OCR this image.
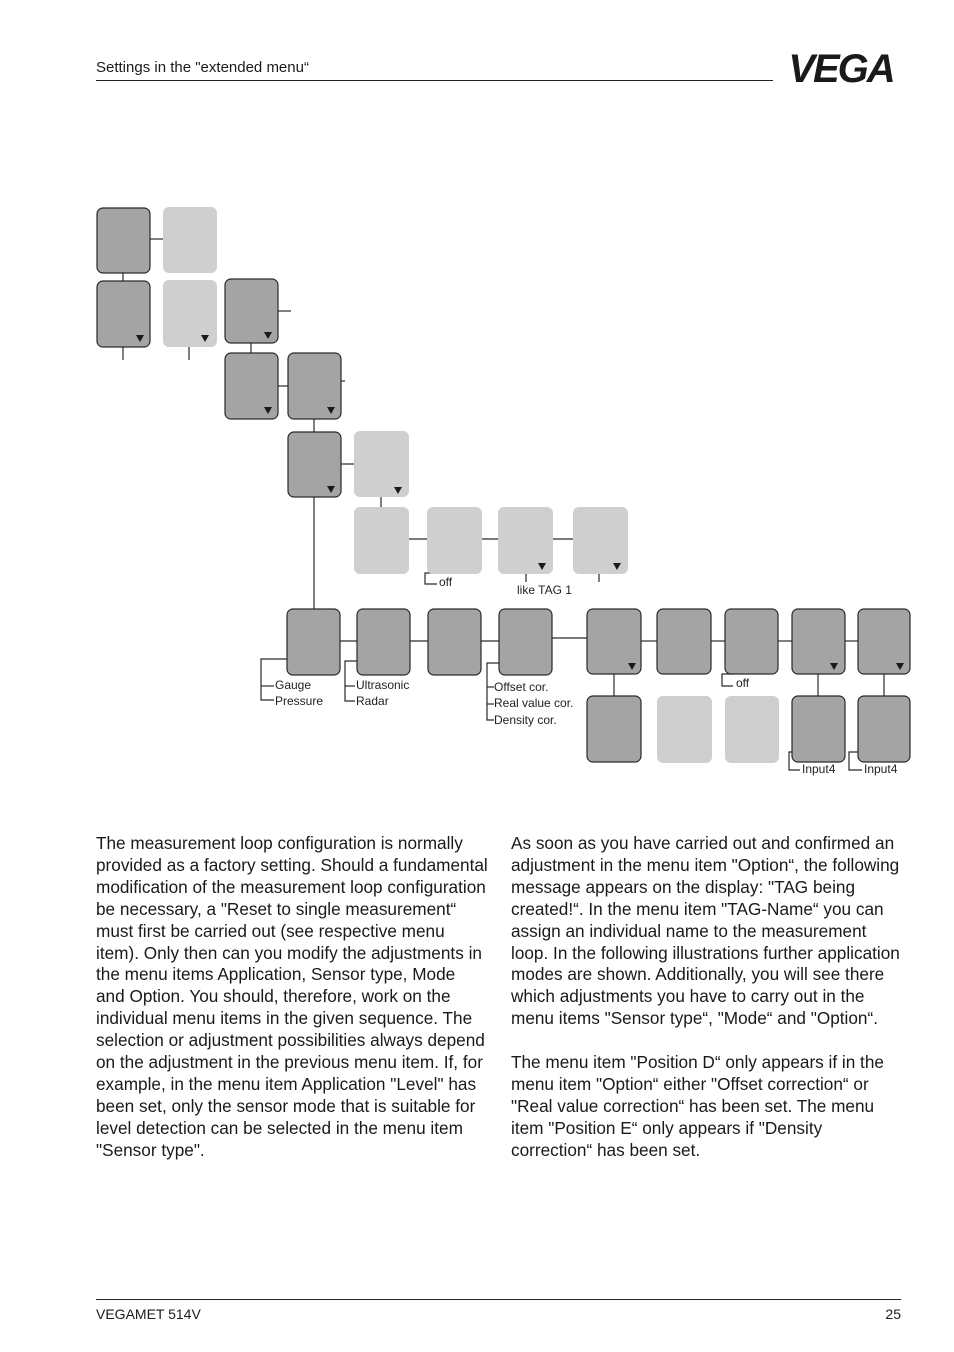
Settings in the "extended menu“	VEGA
off
like TAG 1
Gauge
Pressure
Ultrasonic
Radar
Offset cor.
Real value cor.
Density cor.
off
Input4 Input4

The measurement loop configuration is normally provided as a factory setting. Should a fundamental modification of the measurement loop configuration be necessary, a "Reset to single measurement“ must first be carried out (see respective menu item). Only then can you modify the adjustments in the menu items Application, Sensor type, Mode and Option. You should, therefore, work on the individual menu items in the given sequence. The selection or adjustment possibilities always depend on the adjustment in the previous menu item. If, for example, in the menu item Application "Level" has been set, only the sensor mode that is suitable for level detection can be selected in the menu item "Sensor type".

As soon as you have carried out and confirmed an adjustment in the menu item "Option“, the following message appears on the display: "TAG being created!“. In the menu item "TAG-Name“ you can assign an individual name to the measurement loop. In the following illustrations further application modes are shown. Additionally, you will see there which adjustments you have to carry out in the menu items "Sensor type“, "Mode“ and "Option“.

The menu item "Position D“ only appears if in the menu item "Option“ either "Offset correction“ or "Real value correction“ has been set. The menu item "Position E“ only appears if "Density correction“ has been set.

VEGAMET 514V	25
